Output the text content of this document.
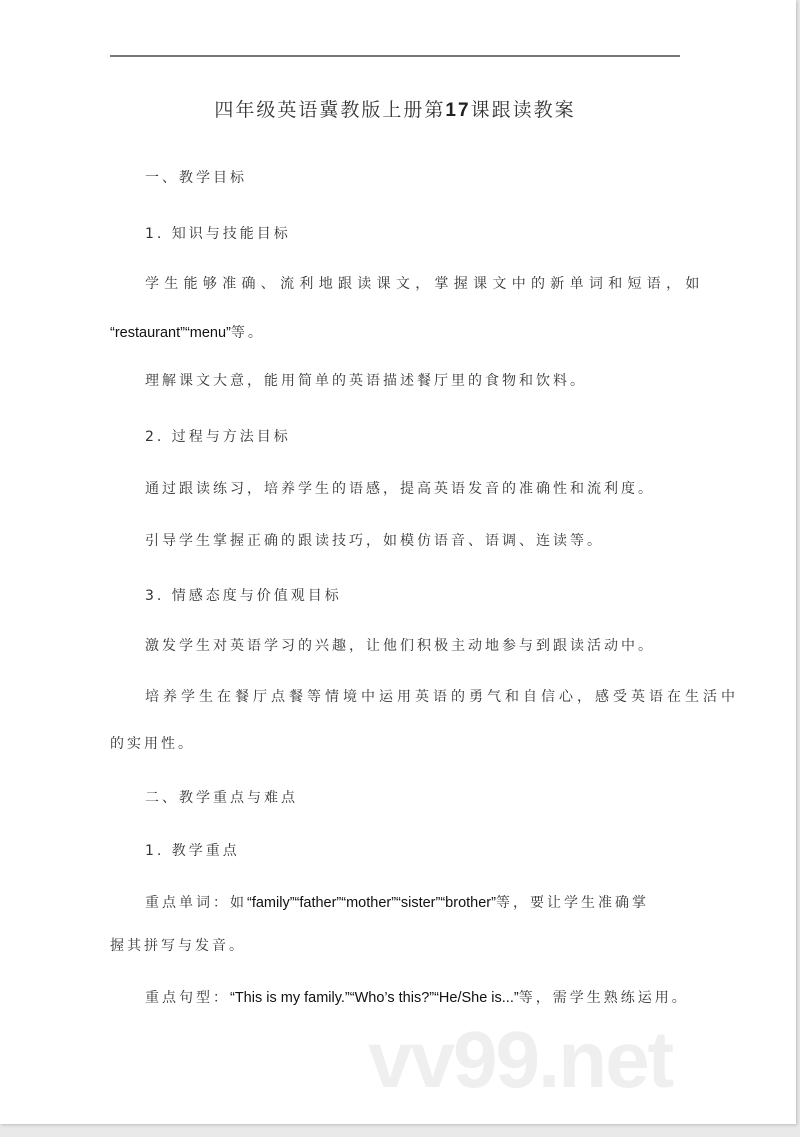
四年级英语冀教版上册第17课跟读教案
一、教学目标
1. 知识与技能目标
学生能够准确、流利地跟读课文，掌握课文中的新单词和短语，如
“restaurant”“menu”等。
理解课文大意，能用简单的英语描述餐厅里的食物和饮料。
2. 过程与方法目标
通过跟读练习，培养学生的语感，提高英语发音的准确性和流利度。
引导学生掌握正确的跟读技巧，如模仿语音、语调、连读等。
3. 情感态度与价值观目标
激发学生对英语学习的兴趣，让他们积极主动地参与到跟读活动中。
培养学生在餐厅点餐等情境中运用英语的勇气和自信心，感受英语在生活中
的实用性。
二、教学重点与难点
1. 教学重点
重点单词：如“family”“father”“mother”“sister”“brother”等，要让学生准确掌
握其拼写与发音。
重点句型：“This is my family.”“Who’s this?”“He/She is...”等，需学生熟练运用。
vv99.net
